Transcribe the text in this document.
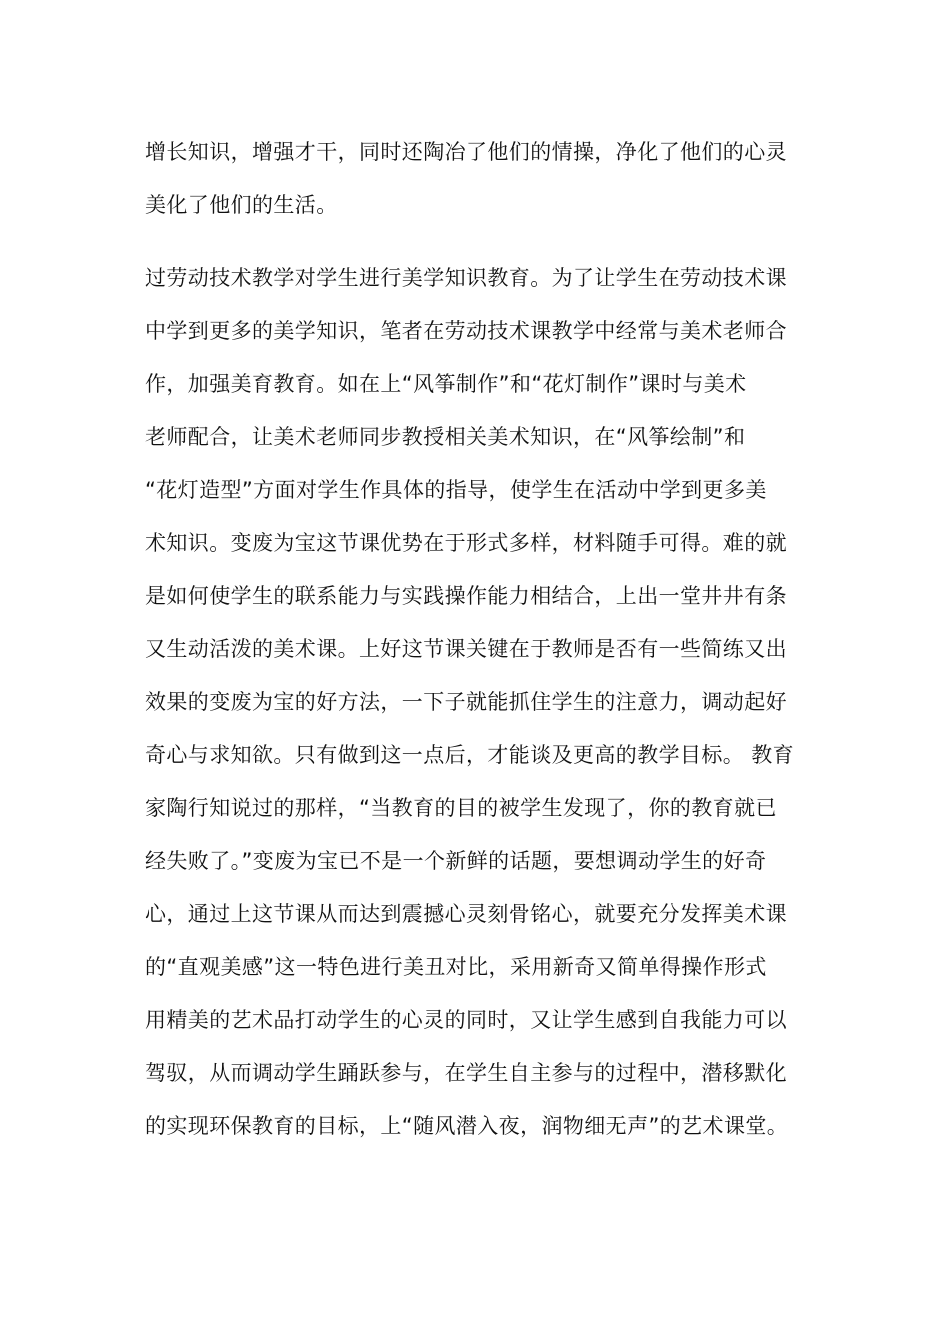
增长知识，增强才干，同时还陶冶了他们的情操，净化了他们的心灵
美化了他们的生活。

过劳动技术教学对学生进行美学知识教育。为了让学生在劳动技术课
中学到更多的美学知识，笔者在劳动技术课教学中经常与美术老师合
作，加强美育教育。如在上“风筝制作”和“花灯制作”课时与美术
老师配合，让美术老师同步教授相关美术知识，在“风筝绘制”和
“花灯造型”方面对学生作具体的指导，使学生在活动中学到更多美
术知识。变废为宝这节课优势在于形式多样，材料随手可得。难的就
是如何使学生的联系能力与实践操作能力相结合，上出一堂井井有条
又生动活泼的美术课。上好这节课关键在于教师是否有一些简练又出
效果的变废为宝的好方法，一下子就能抓住学生的注意力，调动起好
奇心与求知欲。只有做到这一点后，才能谈及更高的教学目标。 教育
家陶行知说过的那样，“当教育的目的被学生发现了，你的教育就已
经失败了。”变废为宝已不是一个新鲜的话题，要想调动学生的好奇
心，通过上这节课从而达到震撼心灵刻骨铭心，就要充分发挥美术课
的“直观美感”这一特色进行美丑对比，采用新奇又简单得操作形式
用精美的艺术品打动学生的心灵的同时，又让学生感到自我能力可以
驾驭，从而调动学生踊跃参与，在学生自主参与的过程中，潜移默化
的实现环保教育的目标，上“随风潜入夜，润物细无声”的艺术课堂。
